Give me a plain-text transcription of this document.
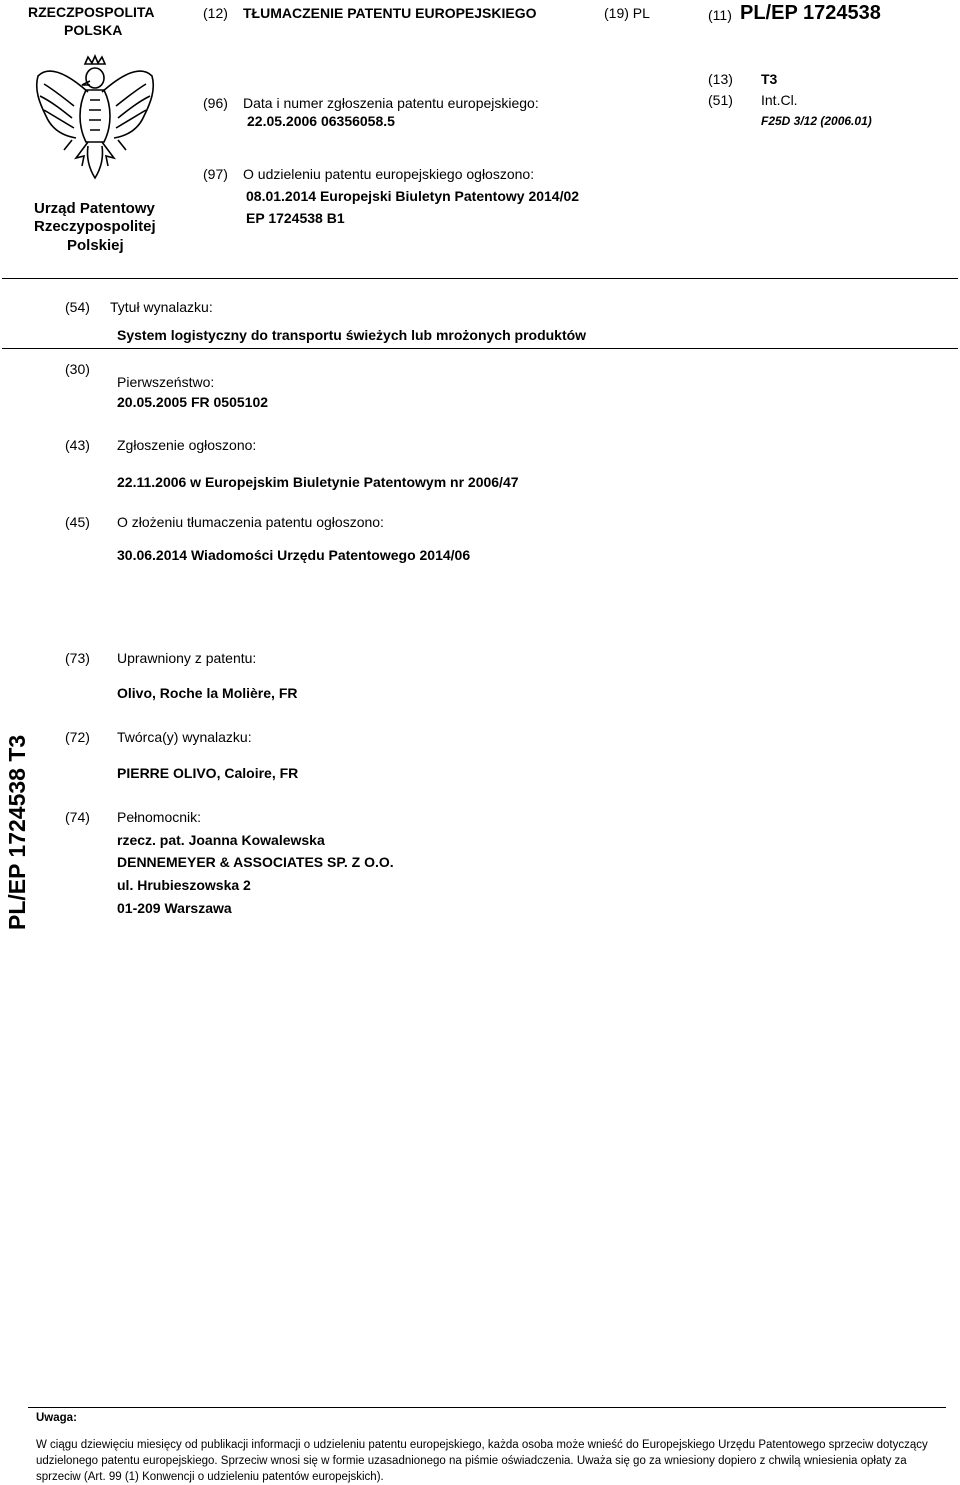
RZECZPOSPOLITA
POLSKA
(12) TŁUMACZENIE PATENTU EUROPEJSKIEGO	(19) PL	(11) PL/EP 1724538
Urząd Patentowy
Rzeczypospolitej
Polskiej
(96) Data i numer zgłoszenia patentu europejskiego:
22.05.2006 06356058.5
(13) T3
(51) Int.Cl.
F25D 3/12 (2006.01)
(97) O udzieleniu patentu europejskiego ogłoszono:
08.01.2014 Europejski Biuletyn Patentowy 2014/02
EP 1724538 B1
(54) Tytuł wynalazku:
System logistyczny do transportu świeżych lub mrożonych produktów
(30)
Pierwszeństwo:
20.05.2005 FR 0505102
(43) Zgłoszenie ogłoszono:
22.11.2006 w Europejskim Biuletynie Patentowym nr 2006/47
(45) O złożeniu tłumaczenia patentu ogłoszono:
30.06.2014 Wiadomości Urzędu Patentowego 2014/06
(73) Uprawniony z patentu:
Olivo, Roche la Molière, FR
(72) Twórca(y) wynalazku:
PIERRE OLIVO, Caloire, FR
(74) Pełnomocnik:
rzecz. pat. Joanna Kowalewska
DENNEMEYER & ASSOCIATES SP. Z O.O.
ul. Hrubieszowska 2
01-209 Warszawa
PL/EP 1724538 T3
Uwaga:
W ciągu dziewięciu miesięcy od publikacji informacji o udzieleniu patentu europejskiego, każda osoba może wnieść do Europejskiego Urzędu Patentowego sprzeciw dotyczący udzielonego patentu europejskiego. Sprzeciw wnosi się w formie uzasadnionego na piśmie oświadczenia. Uważa się go za wniesiony dopiero z chwilą wniesienia opłaty za sprzeciw (Art. 99 (1) Konwencji o udzieleniu patentów europejskich).
